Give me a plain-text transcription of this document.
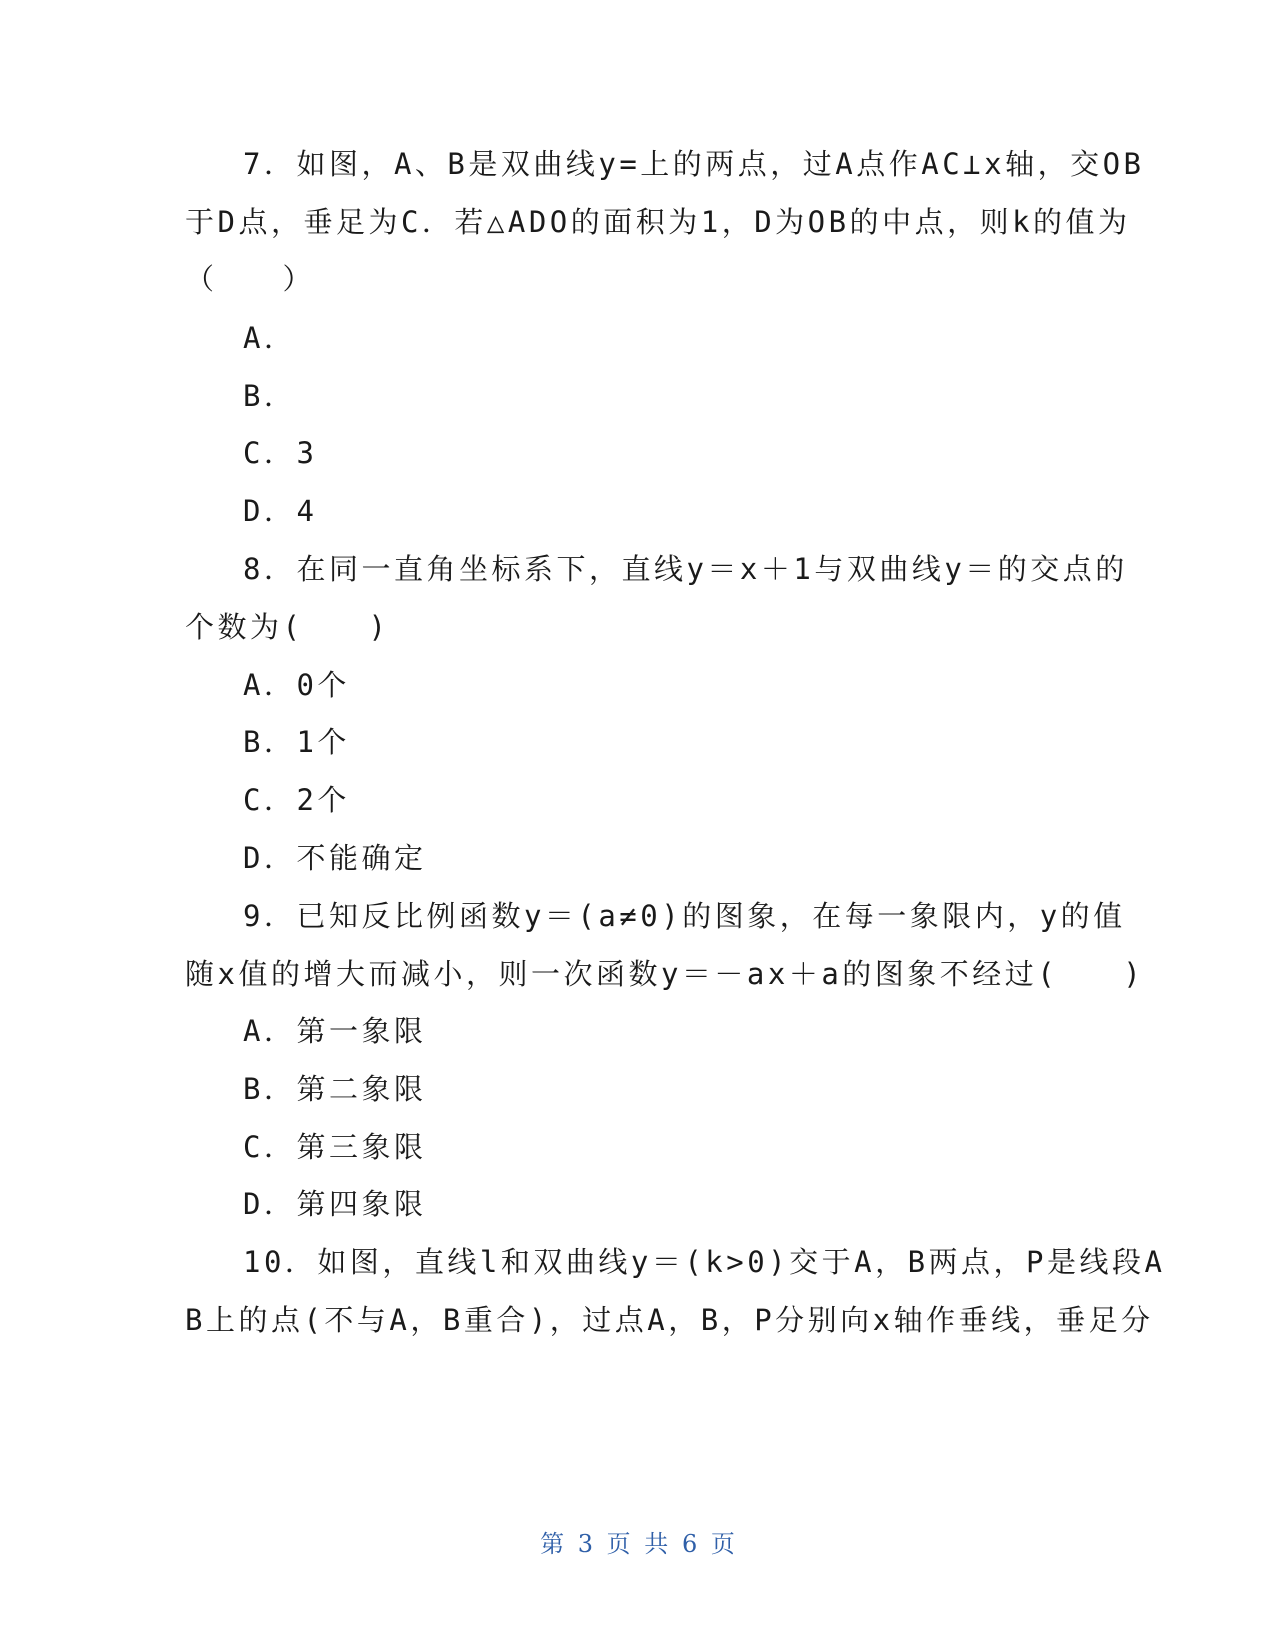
7．如图，A、B是双曲线y=上的两点，过A点作AC⊥x轴，交OB
于D点，垂足为C．若△ADO的面积为1，D为OB的中点，则k的值为
（　　）
A．
B．
C．3
D．4
8．在同一直角坐标系下，直线y＝x＋1与双曲线y＝的交点的
个数为(　　)
A．0个
B．1个
C．2个
D．不能确定
9．已知反比例函数y＝(a≠0)的图象，在每一象限内，y的值
随x值的增大而减小，则一次函数y＝－ax＋a的图象不经过(　　)
A．第一象限
B．第二象限
C．第三象限
D．第四象限
10．如图，直线l和双曲线y＝(k>0)交于A，B两点，P是线段A
B上的点(不与A，B重合)，过点A，B，P分别向x轴作垂线，垂足分
第 3 页 共 6 页
